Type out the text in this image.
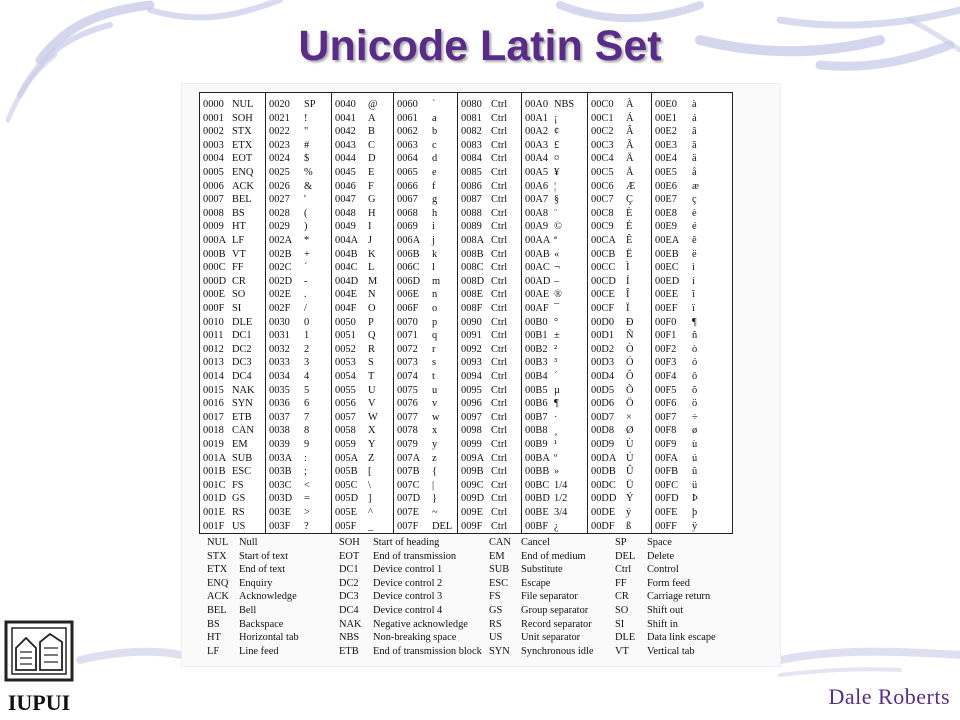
Unicode Latin Set
0000 NUL
0001 SOH
0002 STX
0003 ETX
0004 EOT
0005 ENQ
0006 ACK
0007 BEL
0008 BS
0009 HT
000A LF
000B VT
000C FF
000D CR
000E SO
000F SI
0010 DLE
0011 DC1
0012 DC2
0013 DC3
0014 DC4
0015 NAK
0016 SYN
0017 ETB
0018 CAN
0019 EM
001A SUB
001B ESC
001C FS
001D GS
001E RS
001F US
0020 SP
0021 !
0022 "
0023 #
0024 $
0025 %
0026 &
0027 '
0028 (
0029 )
002A *
002B +
002C ´
002D -
002E .
002F /
0030 0
0031 1
0032 2
0033 3
0034 4
0035 5
0036 6
0037 7
0038 8
0039 9
003A :
003B ;
003C <
003D =
003E >
003F ?
0040 @
0041 A
0042 B
0043 C
0044 D
0045 E
0046 F
0047 G
0048 H
0049 I
004A J
004B K
004C L
004D M
004E N
004F O
0050 P
0051 Q
0052 R
0053 S
0054 T
0055 U
0056 V
0057 W
0058 X
0059 Y
005A Z
005B [
005C \
005D ]
005E ^
005F _
0060 `
0061 a
0062 b
0063 c
0064 d
0065 e
0066 f
0067 g
0068 h
0069 i
006A j
006B k
006C l
006D m
006E n
006F o
0070 p
0071 q
0072 r
0073 s
0074 t
0075 u
0076 v
0077 w
0078 x
0079 y
007A z
007B {
007C |
007D }
007E ~
007F DEL
0080 Ctrl
0081 Ctrl
0082 Ctrl
0083 Ctrl
0084 Ctrl
0085 Ctrl
0086 Ctrl
0087 Ctrl
0088 Ctrl
0089 Ctrl
008A Ctrl
008B Ctrl
008C Ctrl
008D Ctrl
008E Ctrl
008F Ctrl
0090 Ctrl
0091 Ctrl
0092 Ctrl
0093 Ctrl
0094 Ctrl
0095 Ctrl
0096 Ctrl
0097 Ctrl
0098 Ctrl
0099 Ctrl
009A Ctrl
009B Ctrl
009C Ctrl
009D Ctrl
009E Ctrl
009F Ctrl
00A0 NBS
00A1 ¡
00A2 ¢
00A3 £
00A4 ¤
00A5 ¥
00A6 ¦
00A7 §
00A8 ¨
00A9 ©
00AA ª
00AB «
00AC ¬
00AD –
00AE ®
00AF ¯
00B0 °
00B1 ±
00B2 ²
00B3 ³
00B4 ´
00B5 µ
00B6 ¶
00B7 ·
00B8 ¸
00B9 ¹
00BA º
00BB »
00BC 1/4
00BD 1/2
00BE 3/4
00BF ¿
00C0 À
00C1 Á
00C2 Â
00C3 Ã
00C4 Ä
00C5 Å
00C6 Æ
00C7 Ç
00C8 È
00C9 É
00CA Ê
00CB Ë
00CC Ì
00CD Í
00CE Î
00CF Ï
00D0 Ð
00D1 Ñ
00D2 Ò
00D3 Ó
00D4 Ô
00D5 Õ
00D6 Ö
00D7 ×
00D8 Ø
00D9 Ù
00DA Ú
00DB Û
00DC Ü
00DD Ý
00DE ý
00DF ß
00E0 à
00E1 á
00E2 â
00E3 ã
00E4 ä
00E5 å
00E6 æ
00E7 ç
00E8 è
00E9 é
00EA ê
00EB ë
00EC ì
00ED í
00EE î
00EF ï
00F0 ¶
00F1 ñ
00F2 ò
00F3 ó
00F4 ô
00F5 õ
00F6 ö
00F7 ÷
00F8 ø
00F9 ù
00FA ú
00FB û
00FC ü
00FD Þ
00FE þ
00FF ÿ
NUL Null
STX Start of text
ETX End of text
ENQ Enquiry
ACK Acknowledge
BEL Bell
BS Backspace
HT Horizontal tab
LF Line feed
SOH Start of heading
EOT End of transmission
DC1 Device control 1
DC2 Device control 2
DC3 Device control 3
DC4 Device control 4
NAK Negative acknowledge
NBS Non-breaking space
ETB End of transmission block
CAN Cancel
EM End of medium
SUB Substitute
ESC Escape
FS File separator
GS Group separator
RS Record separator
US Unit separator
SYN Synchronous idle
SP Space
DEL Delete
Ctrl Control
FF Form feed
CR Carriage return
SO Shift out
SI Shift in
DLE Data link escape
VT Vertical tab
IUPUI	Dale Roberts
